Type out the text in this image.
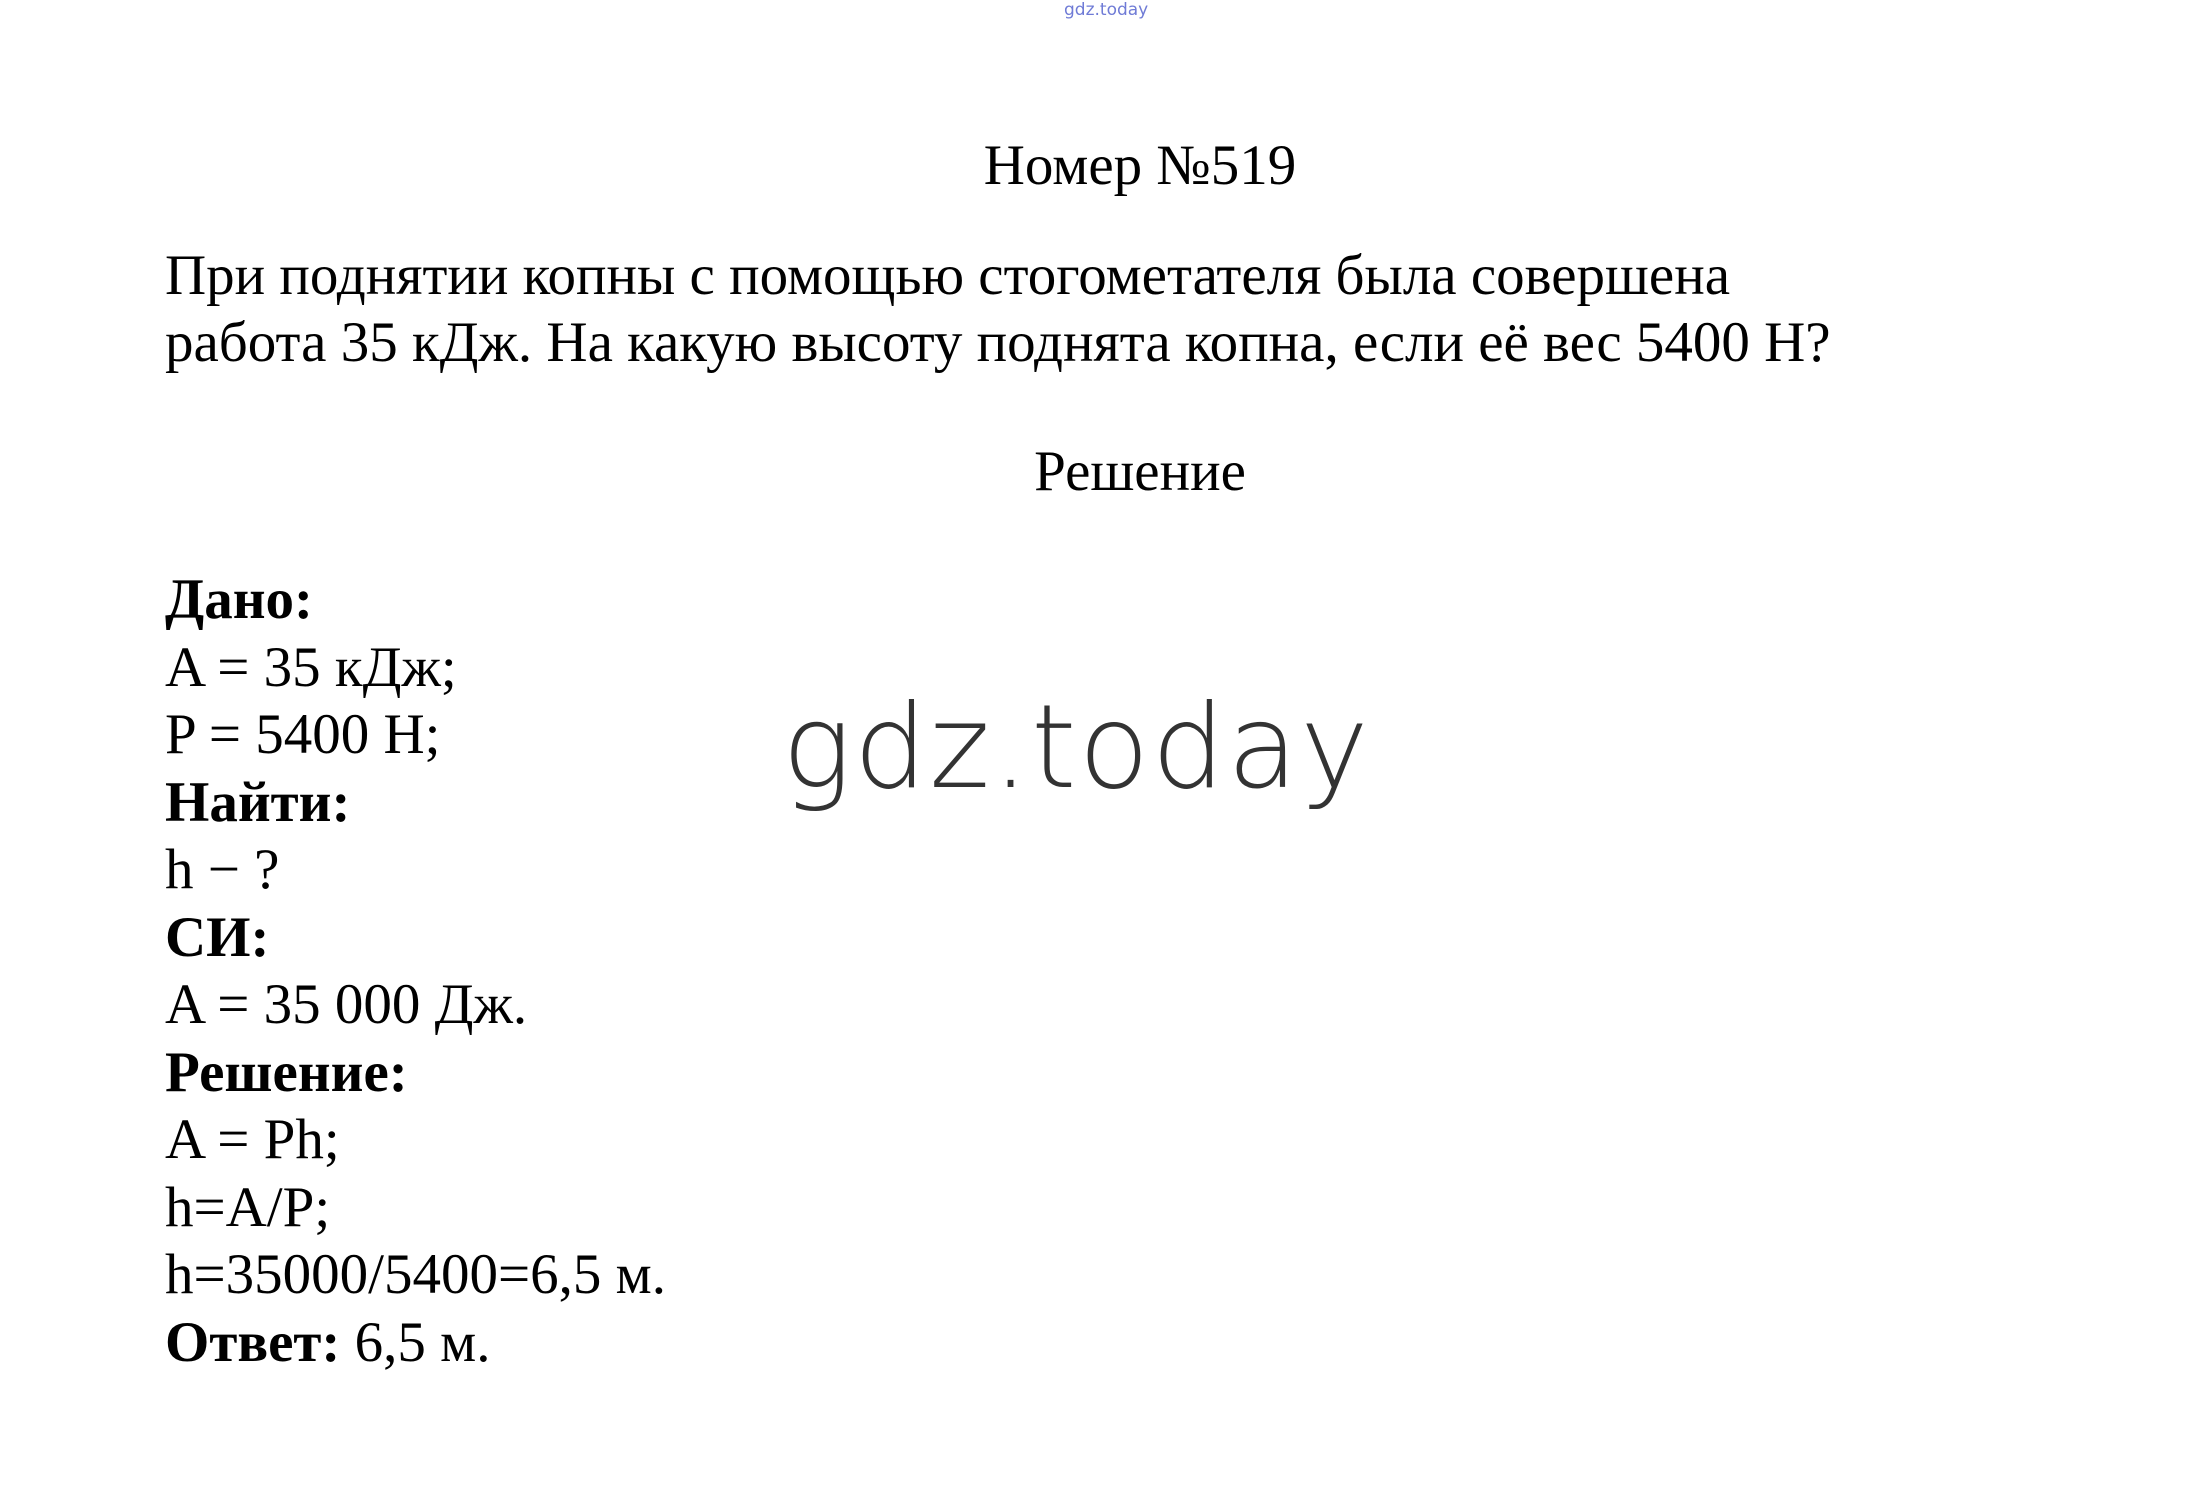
gdz.today
Номер №519

При поднятии копны с помощью стогометателя была совершена

работа 35 кДж. На какую высоту поднята копна, если её вес 5400 Н?

Решение
Дано:
A = 35 кДж;
P = 5400 Н;
Найти:
h − ?
СИ:
A = 35 000 Дж.
Решение:
A = Ph;
h=A/P;
h=35000/5400=6,5 м.
Ответ: 6,5 м.
gdz.today
